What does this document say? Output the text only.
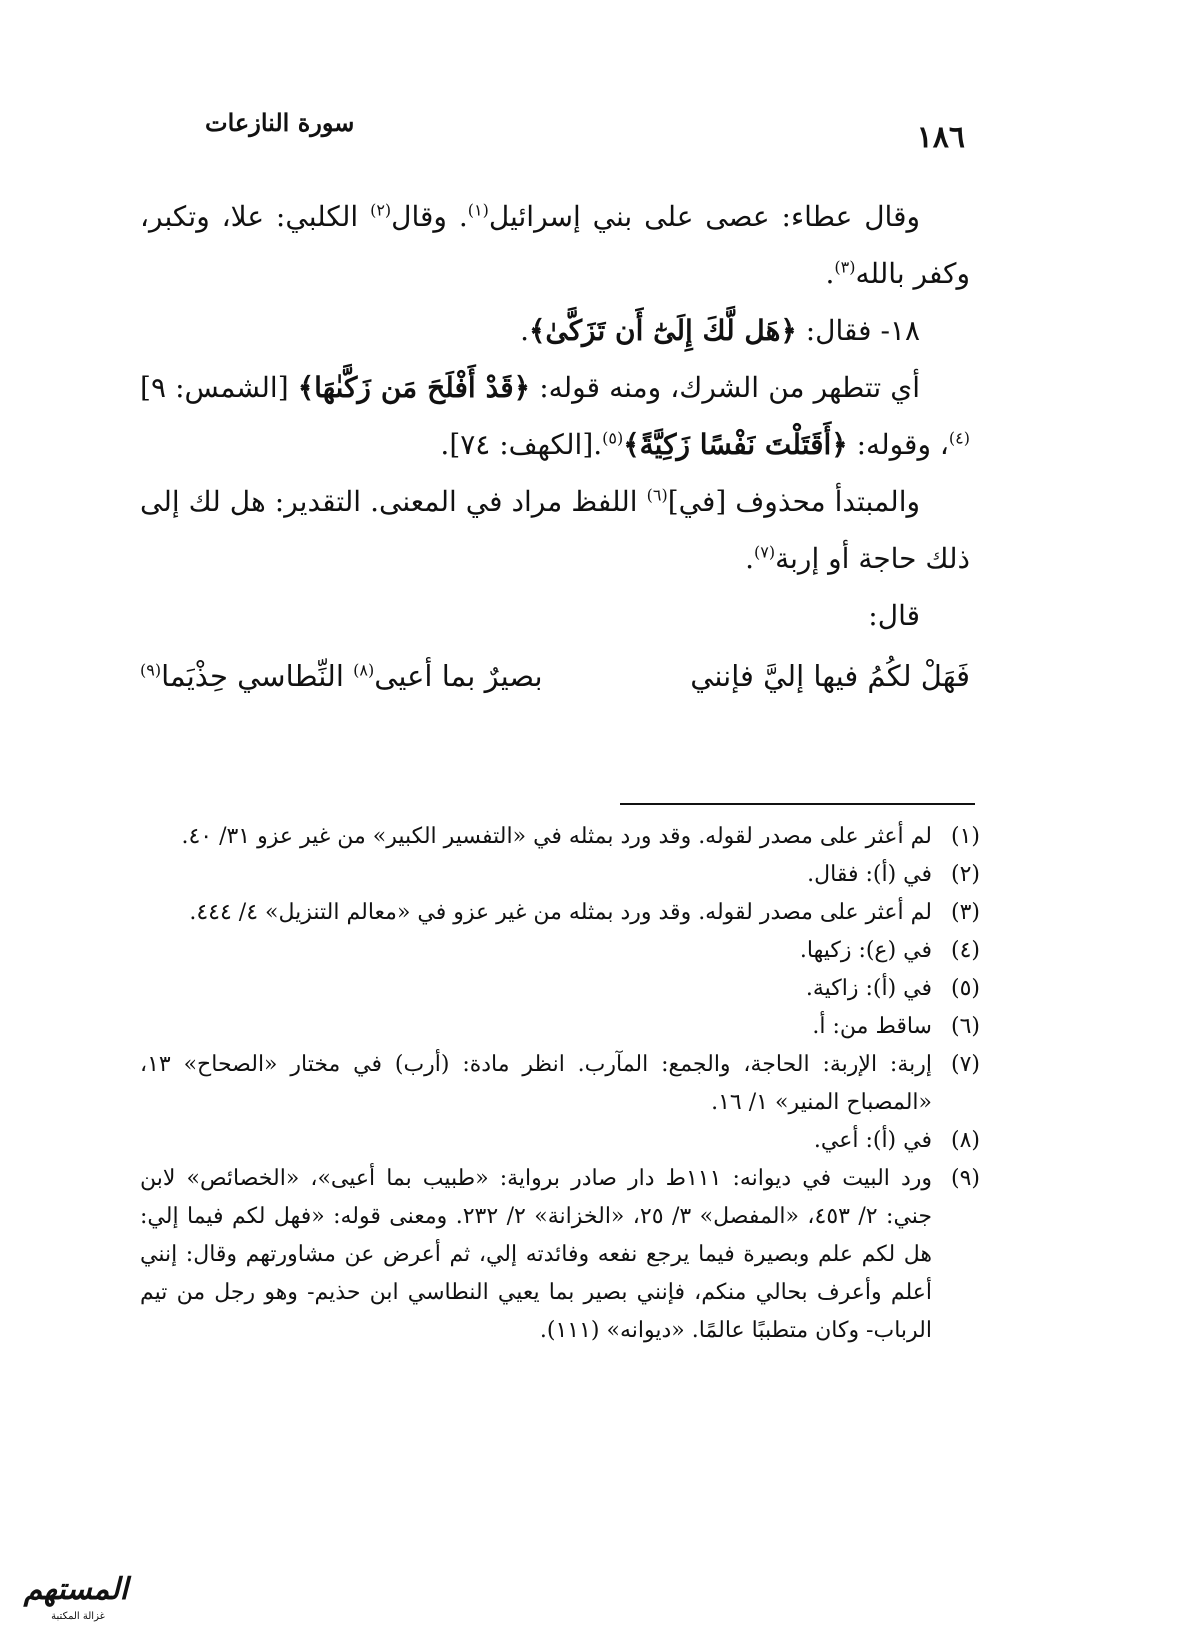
١٨٦
سورة النازعات

وقال عطاء: عصى على بني إسرائيل$^{(١)}$. وقال$^{(٢)}$ الكلبي: علا، وتكبر، وكفر بالله$^{(٣)}$.

١٨- فقال: ﴿هَل لَّكَ إِلَىٰٓ أَن تَزَكَّىٰ﴾.

أي تتطهر من الشرك، ومنه قوله: ﴿قَدْ أَفْلَحَ مَن زَكَّىٰهَا﴾ [الشمس: ٩]$^{(٤)}$، وقوله: ﴿أَقَتَلْتَ نَفْسًا زَكِيَّةً﴾$^{(٥)}$.[الكهف: ٧٤].

والمبتدأ محذوف [في]$^{(٦)}$ اللفظ مراد في المعنى. التقدير: هل لك إلى ذلك حاجة أو إربة$^{(٧)}$.

قال:

فَهَلْ لكُمُ فيها إليَّ فإنني
بصيرٌ بما أعيى$^{(٨)}$ النِّطاسي حِذْيَما$^{(٩)}$
(١)
لم أعثر على مصدر لقوله. وقد ورد بمثله في «التفسير الكبير» من غير عزو ٣١/ ٤٠.
(٢)
في (أ): فقال.
(٣)
لم أعثر على مصدر لقوله. وقد ورد بمثله من غير عزو في «معالم التنزيل» ٤/ ٤٤٤.
(٤)
في (ع): زكيها.
(٥)
في (أ): زاكية.
(٦)
ساقط من: أ.
(٧)
إربة: الإربة: الحاجة، والجمع: المآرب. انظر مادة: (أرب) في مختار «الصحاح» ١٣، «المصباح المنير» ١/ ١٦.
(٨)
في (أ): أعي.
(٩)
ورد البيت في ديوانه: ١١١ط دار صادر برواية: «طبيب بما أعيى»، «الخصائص» لابن جني: ٢/ ٤٥٣، «المفصل» ٣/ ٢٥، «الخزانة» ٢/ ٢٣٢. ومعنى قوله: «فهل لكم فيما إلي: هل لكم علم وبصيرة فيما يرجع نفعه وفائدته إلي، ثم أعرض عن مشاورتهم وقال: إنني أعلم وأعرف بحالي منكم، فإنني بصير بما يعيي النطاسي ابن حذيم- وهو رجل من تيم الرباب- وكان متطببًا عالمًا. «ديوانه» (١١١).
المستهم
غزالة المكتبة
